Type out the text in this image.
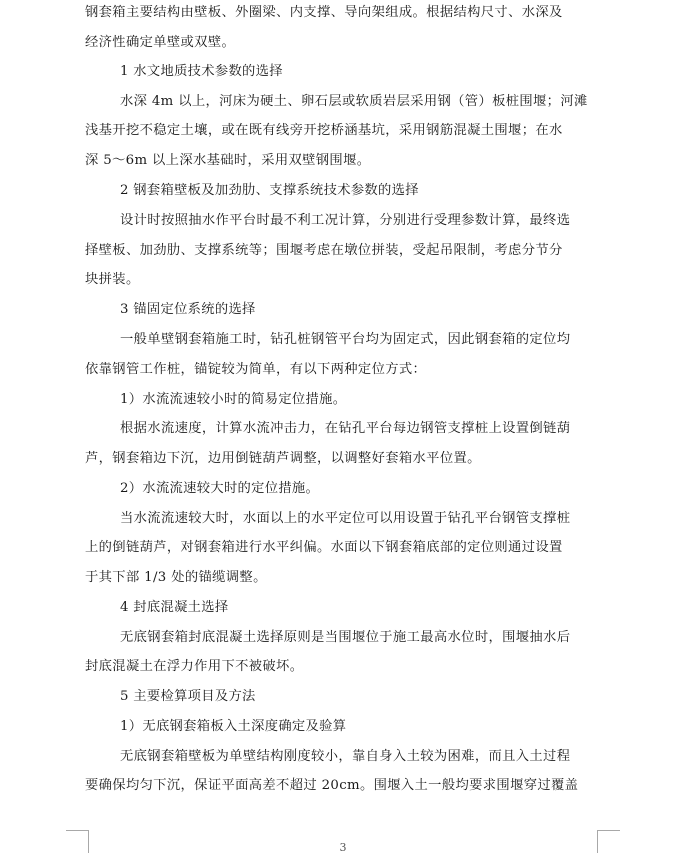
钢套箱主要结构由壁板、外圈梁、内支撑、导向架组成。根据结构尺寸、水深及
经济性确定单壁或双壁。
1 水文地质技术参数的选择
水深 4m 以上，河床为硬土、卵石层或软质岩层采用钢（管）板桩围堰；河滩
浅基开挖不稳定土壤，或在既有线旁开挖桥涵基坑，采用钢筋混凝土围堰；在水
深 5～6m 以上深水基础时，采用双壁钢围堰。
2 钢套箱壁板及加劲肋、支撑系统技术参数的选择
设计时按照抽水作平台时最不利工况计算，分别进行受理参数计算，最终选
择壁板、加劲肋、支撑系统等；围堰考虑在墩位拼装，受起吊限制，考虑分节分
块拼装。
3 锚固定位系统的选择
一般单壁钢套箱施工时，钻孔桩钢管平台均为固定式，因此钢套箱的定位均
依靠钢管工作桩，锚锭较为简单，有以下两种定位方式：
1）水流流速较小时的简易定位措施。
根据水流速度，计算水流冲击力，在钻孔平台每边钢管支撑桩上设置倒链葫
芦，钢套箱边下沉，边用倒链葫芦调整，以调整好套箱水平位置。
2）水流流速较大时的定位措施。
当水流流速较大时，水面以上的水平定位可以用设置于钻孔平台钢管支撑桩
上的倒链葫芦，对钢套箱进行水平纠偏。水面以下钢套箱底部的定位则通过设置
于其下部 1/3 处的锚缆调整。
4 封底混凝土选择
无底钢套箱封底混凝土选择原则是当围堰位于施工最高水位时，围堰抽水后
封底混凝土在浮力作用下不被破坏。
5 主要检算项目及方法
1）无底钢套箱板入土深度确定及验算
无底钢套箱壁板为单壁结构刚度较小，靠自身入土较为困难，而且入土过程
要确保均匀下沉，保证平面高差不超过 20cm。围堰入土一般均要求围堰穿过覆盖
3
